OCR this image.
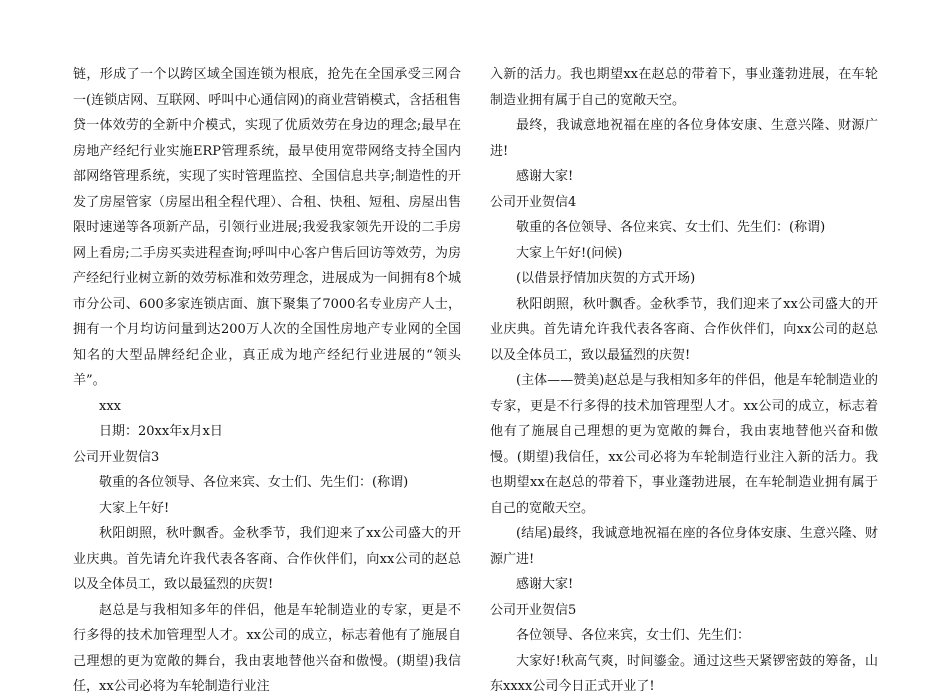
链，形成了一个以跨区域全国连锁为根底，抢先在全国承受三网合一(连锁店网、互联网、呼叫中心通信网)的商业营销模式，含括租售贷一体效劳的全新中介模式，实现了优质效劳在身边的理念;最早在房地产经纪行业实施ERP管理系统，最早使用宽带网络支持全国内部网络管理系统，实现了实时管理监控、全国信息共享;制造性的开发了房屋管家（房屋出租全程代理）、合租、快租、短租、房屋出售限时速递等各项新产品，引领行业进展;我爱我家领先开设的二手房网上看房;二手房买卖进程查询;呼叫中心客户售后回访等效劳，为房产经纪行业树立新的效劳标准和效劳理念，进展成为一间拥有8个城市分公司、600多家连锁店面、旗下聚集了7000名专业房产人士，拥有一个月均访问量到达200万人次的全国性房地产专业网的全国知名的大型品牌经纪企业，真正成为地产经纪行业进展的“领头羊”。

xxx

日期：20xx年x月x日

公司开业贺信3

敬重的各位领导、各位来宾、女士们、先生们：(称谓)

大家上午好!

秋阳朗照，秋叶飘香。金秋季节，我们迎来了xx公司盛大的开业庆典。首先请允许我代表各客商、合作伙伴们，向xx公司的赵总以及全体员工，致以最猛烈的庆贺!

赵总是与我相知多年的伴侣，他是车轮制造业的专家，更是不行多得的技术加管理型人才。xx公司的成立，标志着他有了施展自己理想的更为宽敞的舞台，我由衷地替他兴奋和傲慢。(期望)我信任，xx公司必将为车轮制造行业注

入新的活力。我也期望xx在赵总的带着下，事业蓬勃进展，在车轮制造业拥有属于自己的宽敞天空。

最终，我诚意地祝福在座的各位身体安康、生意兴隆、财源广进!

感谢大家!

公司开业贺信4

敬重的各位领导、各位来宾、女士们、先生们：(称谓)

大家上午好!(问候)

(以借景抒情加庆贺的方式开场)

秋阳朗照，秋叶飘香。金秋季节，我们迎来了xx公司盛大的开业庆典。首先请允许我代表各客商、合作伙伴们，向xx公司的赵总以及全体员工，致以最猛烈的庆贺!

(主体——赞美)赵总是与我相知多年的伴侣，他是车轮制造业的专家，更是不行多得的技术加管理型人才。xx公司的成立，标志着他有了施展自己理想的更为宽敞的舞台，我由衷地替他兴奋和傲慢。(期望)我信任，xx公司必将为车轮制造行业注入新的活力。我也期望xx在赵总的带着下，事业蓬勃进展，在车轮制造业拥有属于自己的宽敞天空。

(结尾)最终，我诚意地祝福在座的各位身体安康、生意兴隆、财源广进!

感谢大家!

公司开业贺信5

各位领导、各位来宾，女士们、先生们：

大家好!秋高气爽，时间鎏金。通过这些天紧锣密鼓的筹备，山东xxxx公司今日正式开业了!
